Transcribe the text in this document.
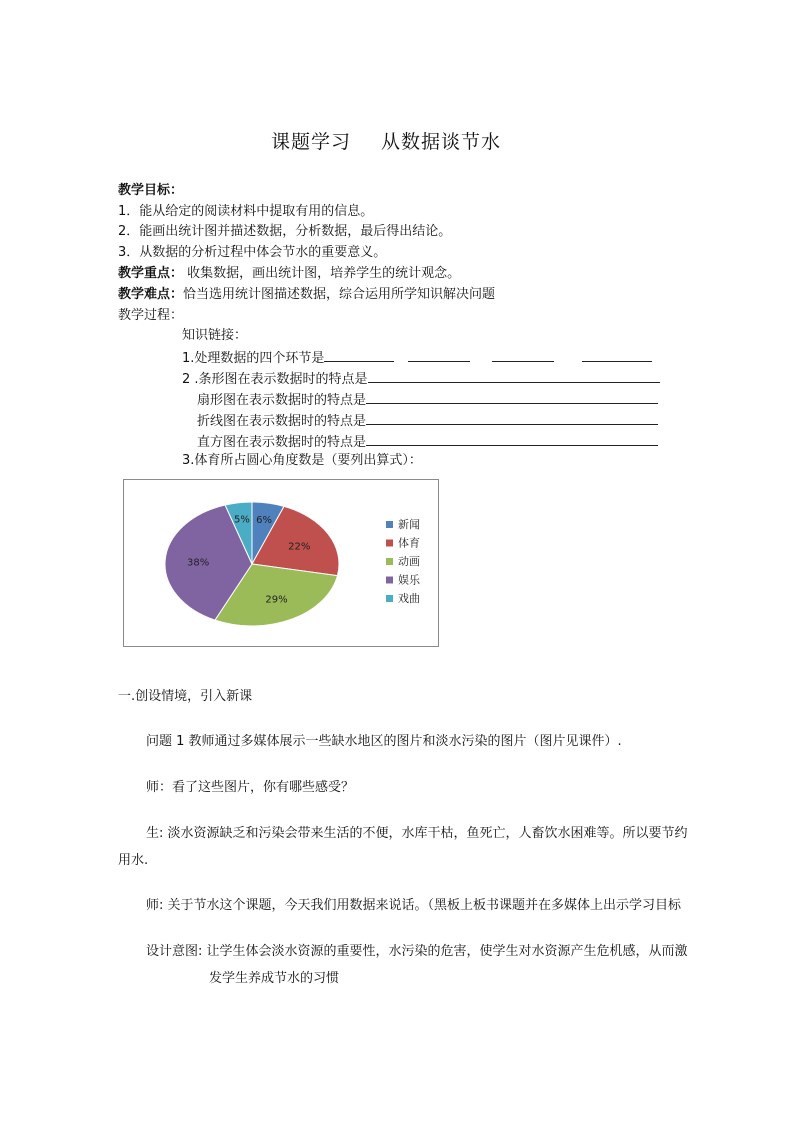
课题学习 从数据谈节水
教学目标：
1．能从给定的阅读材料中提取有用的信息。
2．能画出统计图并描述数据，分析数据，最后得出结论。
3．从数据的分析过程中体会节水的重要意义。
教学重点： 收集数据，画出统计图，培养学生的统计观念。
教学难点：恰当选用统计图描述数据，综合运用所学知识解决问题
教学过程：
知识链接：
1.处理数据的四个环节是
2 .条形图在表示数据时的特点是
扇形图在表示数据时的特点是
折线图在表示数据时的特点是
直方图在表示数据时的特点是
3.体育所占圆心角度数是（要列出算式）：
6%
22%
29%
38%
5%	新闻
体育
动画
娱乐
戏曲
一.创设情境，引入新课
问题 1 教师通过多媒体展示一些缺水地区的图片和淡水污染的图片（图片见课件）.
师：看了这些图片，你有哪些感受？
生: 淡水资源缺乏和污染会带来生活的不便，水库干枯，鱼死亡，人畜饮水困难等。所以要节约
用水.
师: 关于节水这个课题，今天我们用数据来说话。（黑板上板书课题并在多媒体上出示学习目标
设计意图: 让学生体会淡水资源的重要性，水污染的危害，使学生对水资源产生危机感，从而激
发学生养成节水的习惯
